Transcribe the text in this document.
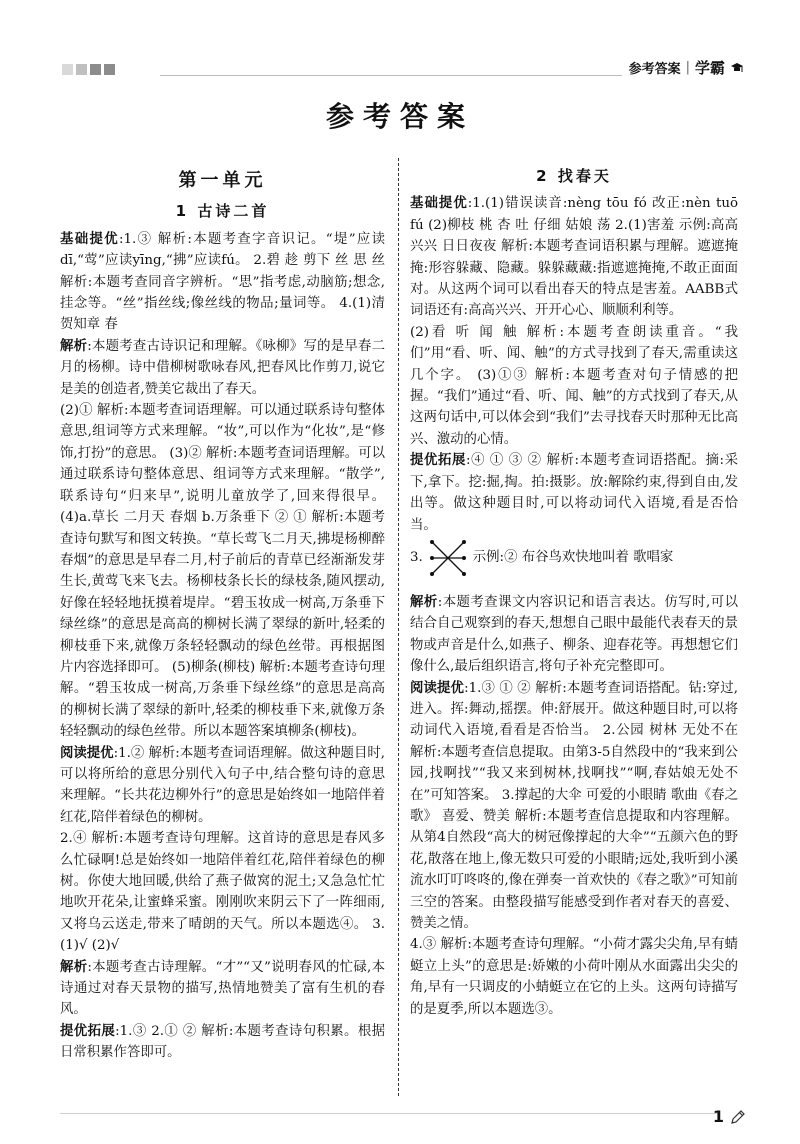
参考答案 | 学霸
参考答案
第一单元
1 古诗二首

基础提优:1.③ 解析:本题考查字音识记。“堤”应读dī,“莺”应读yīng,“拂”应读fú。 2.碧 趁 剪下 丝 思 丝 解析:本题考查同音字辨析。“思”指考虑,动脑筋;想念,挂念等。“丝”指丝线;像丝线的物品;量词等。 4.(1)清 贺知章 春

解析:本题考查古诗识记和理解。《咏柳》写的是早春二月的杨柳。诗中借柳树歌咏春风,把春风比作剪刀,说它是美的创造者,赞美它裁出了春天。

(2)① 解析:本题考查词语理解。可以通过联系诗句整体意思,组词等方式来理解。“妆”,可以作为“化妆”,是“修饰,打扮”的意思。 (3)② 解析:本题考查词语理解。可以通过联系诗句整体意思、组词等方式来理解。“散学”,联系诗句“归来早”,说明儿童放学了,回来得很早。 (4)a.草长 二月天 春烟 b.万条垂下 ② ① 解析:本题考查诗句默写和图文转换。“草长莺飞二月天,拂堤杨柳醉春烟”的意思是早春二月,村子前后的青草已经渐渐发芽生长,黄莺飞来飞去。杨柳枝条长长的绿枝条,随风摆动,好像在轻轻地抚摸着堤岸。“碧玉妆成一树高,万条垂下绿丝绦”的意思是高高的柳树长满了翠绿的新叶,轻柔的柳枝垂下来,就像万条轻轻飘动的绿色丝带。再根据图片内容选择即可。 (5)柳条(柳枝) 解析:本题考查诗句理解。“碧玉妆成一树高,万条垂下绿丝绦”的意思是高高的柳树长满了翠绿的新叶,轻柔的柳枝垂下来,就像万条轻轻飘动的绿色丝带。所以本题答案填柳条(柳枝)。

阅读提优:1.② 解析:本题考查词语理解。做这种题目时,可以将所给的意思分别代入句子中,结合整句诗的意思来理解。“长共花边柳外行”的意思是始终如一地陪伴着红花,陪伴着绿色的柳树。

2.④ 解析:本题考查诗句理解。这首诗的意思是春风多么忙碌啊!总是始终如一地陪伴着红花,陪伴着绿色的柳树。你使大地回暖,供给了燕子做窝的泥土;又急急忙忙地吹开花朵,让蜜蜂采蜜。刚刚吹来阴云下了一阵细雨,又将乌云送走,带来了晴朗的天气。所以本题选④。 3.(1)√ (2)√

解析:本题考查古诗理解。“才”“又”说明春风的忙碌,本诗通过对春天景物的描写,热情地赞美了富有生机的春风。

提优拓展:1.③ 2.① ② 解析:本题考查诗句积累。根据日常积累作答即可。

2 找春天

基础提优:1.(1)错误读音:nèng tōu fó 改正:nèn tuō fú (2)柳枝 桃 杏 吐 仔细 姑娘 荡 2.(1)害羞 示例:高高兴兴 日日夜夜 解析:本题考查词语积累与理解。遮遮掩掩:形容躲藏、隐藏。躲躲藏藏:指遮遮掩掩,不敢正面面对。从这两个词可以看出春天的特点是害羞。AABB式词语还有:高高兴兴、开开心心、顺顺利利等。

(2)看 听 闻 触 解析:本题考查朗读重音。“我们”用“看、听、闻、触”的方式寻找到了春天,需重读这几个字。 (3)①③ 解析:本题考查对句子情感的把握。“我们”通过“看、听、闻、触”的方式找到了春天,从这两句话中,可以体会到“我们”去寻找春天时那种无比高兴、激动的心情。

提优拓展:④ ① ③ ② 解析:本题考查词语搭配。摘:采下,拿下。挖:掘,掏。拍:摄影。放:解除约束,得到自由,发出等。做这种题目时,可以将动词代入语境,看是否恰当。

3.	示例:② 布谷鸟欢快地叫着 歌唱家

解析:本题考查课文内容识记和语言表达。仿写时,可以结合自己观察到的春天,想想自己眼中最能代表春天的景物或声音是什么,如燕子、柳条、迎春花等。再想想它们像什么,最后组织语言,将句子补充完整即可。

阅读提优:1.③ ① ② 解析:本题考查词语搭配。钻:穿过,进入。挥:舞动,摇摆。伸:舒展开。做这种题目时,可以将动词代入语境,看看是否恰当。 2.公园 树林 无处不在 解析:本题考查信息提取。由第3-5自然段中的“我来到公园,找啊找”“我又来到树林,找啊找”“啊,春姑娘无处不在”可知答案。 3.撑起的大伞 可爱的小眼睛 歌曲《春之歌》 喜爱、赞美 解析:本题考查信息提取和内容理解。从第4自然段“高大的树冠像撑起的大伞”“五颜六色的野花,散落在地上,像无数只可爱的小眼睛;远处,我听到小溪流水叮叮咚咚的,像在弹奏一首欢快的《春之歌》”可知前三空的答案。由整段描写能感受到作者对春天的喜爱、赞美之情。

4.③ 解析:本题考查诗句理解。“小荷才露尖尖角,早有蜻蜓立上头”的意思是:娇嫩的小荷叶刚从水面露出尖尖的角,早有一只调皮的小蜻蜓立在它的上头。这两句诗描写的是夏季,所以本题选③。

1
